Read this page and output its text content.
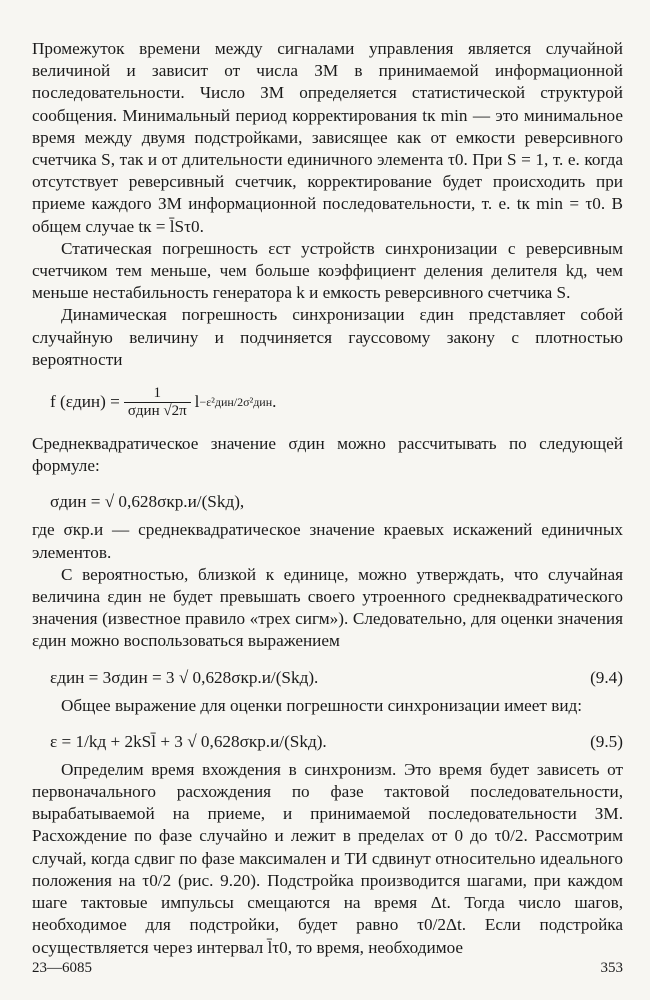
Промежуток времени между сигналами управления является случайной величиной и зависит от числа ЗМ в принимаемой информационной последовательности. Число ЗМ определяется статистической структурой сообщения. Минимальный период корректирования tк min — это минимальное время между двумя подстройками, зависящее как от емкости реверсивного счетчика S, так и от длительности единичного элемента τ0. При S = 1, т. е. когда отсутствует реверсивный счетчик, корректирование будет происходить при приеме каждого ЗМ информационной последовательности, т. е. tк min = τ0. В общем случае tк = l̄Sτ0.

Статическая погрешность εст устройств синхронизации с реверсивным счетчиком тем меньше, чем больше коэффициент деления делителя kд, чем меньше нестабильность генератора k и емкость реверсивного счетчика S.

Динамическая погрешность синхронизации εдин представляет собой случайную величину и подчиняется гауссовому закону с плотностью вероятности

f $(\varepsilon дин) = \frac{1}{\text{σдин √2π}}$ l −ε²дин/2σ²дин .

Среднеквадратическое значение σдин можно рассчитывать по следующей формуле:

σдин = √ 0,628σкр.и/(Skд),

где σкр.и — среднеквадратическое значение краевых искажений единичных элементов.

С вероятностью, близкой к единице, можно утверждать, что случайная величина εдин не будет превышать своего утроенного среднеквадратического значения (известное правило «трех сигм»). Следовательно, для оценки значения εдин можно воспользоваться выражением

εдин = 3σдин = 3 √ 0,628σкр.и/(Skд).	(9.4)

Общее выражение для оценки погрешности синхронизации имеет вид:

ε = 1/kд + 2kSl̄ + 3 √ 0,628σкр.и/(Skд).	(9.5)

Определим время вхождения в синхронизм. Это время будет зависеть от первоначального расхождения по фазе тактовой последовательности, вырабатываемой на приеме, и принимаемой последовательности ЗМ. Расхождение по фазе случайно и лежит в пределах от 0 до τ0/2. Рассмотрим случай, когда сдвиг по фазе максимален и ТИ сдвинут относительно идеального положения на τ0/2 (рис. 9.20). Подстройка производится шагами, при каждом шаге тактовые импульсы смещаются на время Δt. Тогда число шагов, необходимое для подстройки, будет равно τ0/2Δt. Если подстройка осуществляется через интервал l̄τ0, то время, необходимое

23—6085	353
